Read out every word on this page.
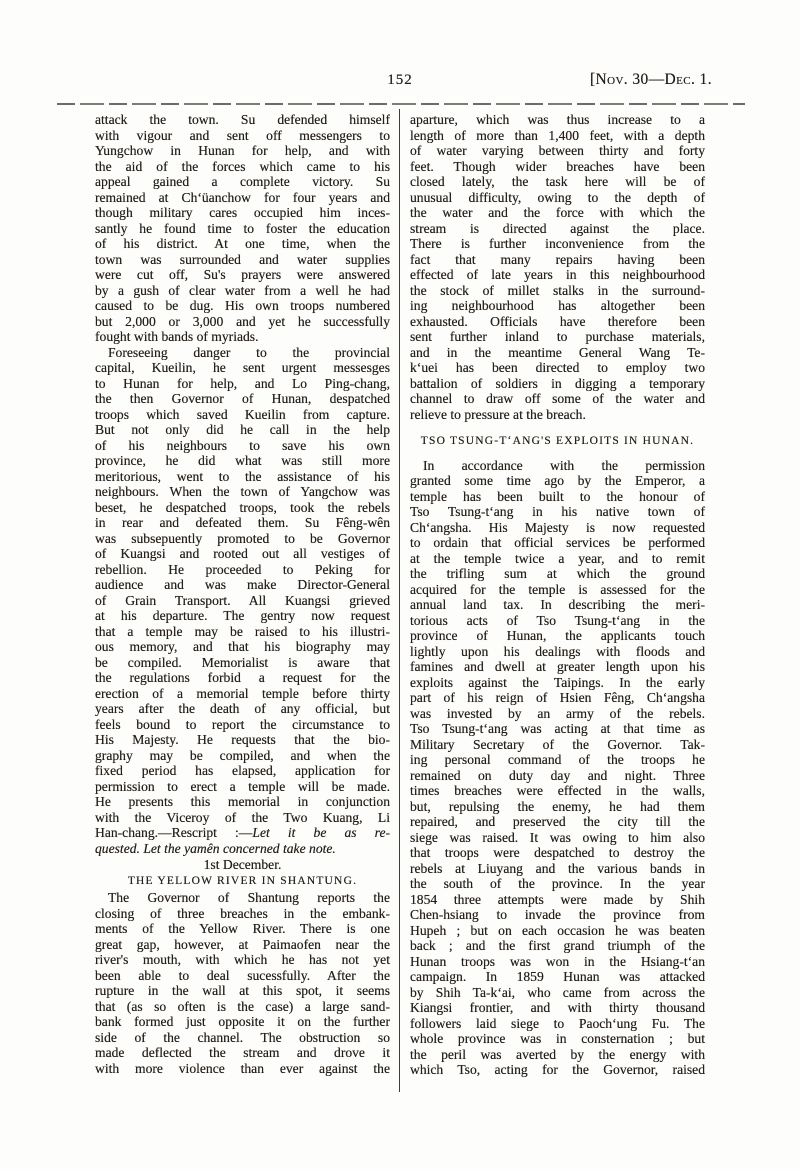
152	[Nov. 30—Dec. 1.
attack the town. Su defended himself
with vigour and sent off messengers to
Yungchow in Hunan for help, and with
the aid of the forces which came to his
appeal gained a complete victory. Su
remained at Ch‘üanchow for four years and
though military cares occupied him inces-
santly he found time to foster the education
of his district. At one time, when the
town was surrounded and water supplies
were cut off, Su's prayers were answered
by a gush of clear water from a well he had
caused to be dug. His own troops numbered
but 2,000 or 3,000 and yet he successfully
fought with bands of myriads.
Foreseeing danger to the provincial
capital, Kueilin, he sent urgent messesges
to Hunan for help, and Lo Ping-chang,
the then Governor of Hunan, despatched
troops which saved Kueilin from capture.
But not only did he call in the help
of his neighbours to save his own
province, he did what was still more
meritorious, went to the assistance of his
neighbours. When the town of Yangchow was
beset, he despatched troops, took the rebels
in rear and defeated them. Su Fêng-wên
was subsepuently promoted to be Governor
of Kuangsi and rooted out all vestiges of
rebellion. He proceeded to Peking for
audience and was make Director-General
of Grain Transport. All Kuangsi grieved
at his departure. The gentry now request
that a temple may be raised to his illustri-
ous memory, and that his biography may
be compiled. Memorialist is aware that
the regulations forbid a request for the
erection of a memorial temple before thirty
years after the death of any official, but
feels bound to report the circumstance to
His Majesty. He requests that the bio-
graphy may be compiled, and when the
fixed period has elapsed, application for
permission to erect a temple will be made.
He presents this memorial in conjunction
with the Viceroy of the Two Kuang, Li
Han-chang.—Rescript :—Let it be as re-
quested. Let the yamên concerned take note.
1st December.
THE YELLOW RIVER IN SHANTUNG.
The Governor of Shantung reports the
closing of three breaches in the embank-
ments of the Yellow River. There is one
great gap, however, at Paimaofen near the
river's mouth, with which he has not yet
been able to deal sucessfully. After the
rupture in the wall at this spot, it seems
that (as so often is the case) a large sand-
bank formed just opposite it on the further
side of the channel. The obstruction so
made deflected the stream and drove it
with more violence than ever against the
aparture, which was thus increase to a
length of more than 1,400 feet, with a depth
of water varying between thirty and forty
feet. Though wider breaches have been
closed lately, the task here will be of
unusual difficulty, owing to the depth of
the water and the force with which the
stream is directed against the place.
There is further inconvenience from the
fact that many repairs having been
effected of late years in this neighbourhood
the stock of millet stalks in the surround-
ing neighbourhood has altogether been
exhausted. Officials have therefore been
sent further inland to purchase materials,
and in the meantime General Wang Te-
k‘uei has been directed to employ two
battalion of soldiers in digging a temporary
channel to draw off some of the water and
relieve to pressure at the breach.
TSO TSUNG-T‘ANG'S EXPLOITS IN HUNAN.
In accordance with the permission
granted some time ago by the Emperor, a
temple has been built to the honour of
Tso Tsung-t‘ang in his native town of
Ch‘angsha. His Majesty is now requested
to ordain that official services be performed
at the temple twice a year, and to remit
the trifling sum at which the ground
acquired for the temple is assessed for the
annual land tax. In describing the meri-
torious acts of Tso Tsung-t‘ang in the
province of Hunan, the applicants touch
lightly upon his dealings with floods and
famines and dwell at greater length upon his
exploits against the Taipings. In the early
part of his reign of Hsien Fêng, Ch‘angsha
was invested by an army of the rebels.
Tso Tsung-t‘ang was acting at that time as
Military Secretary of the Governor. Tak-
ing personal command of the troops he
remained on duty day and night. Three
times breaches were effected in the walls,
but, repulsing the enemy, he had them
repaired, and preserved the city till the
siege was raised. It was owing to him also
that troops were despatched to destroy the
rebels at Liuyang and the various bands in
the south of the province. In the year
1854 three attempts were made by Shih
Chen-hsiang to invade the province from
Hupeh ; but on each occasion he was beaten
back ; and the first grand triumph of the
Hunan troops was won in the Hsiang-t‘an
campaign. In 1859 Hunan was attacked
by Shih Ta-k‘ai, who came from across the
Kiangsi frontier, and with thirty thousand
followers laid siege to Paoch‘ung Fu. The
whole province was in consternation ; but
the peril was averted by the energy with
which Tso, acting for the Governor, raised
